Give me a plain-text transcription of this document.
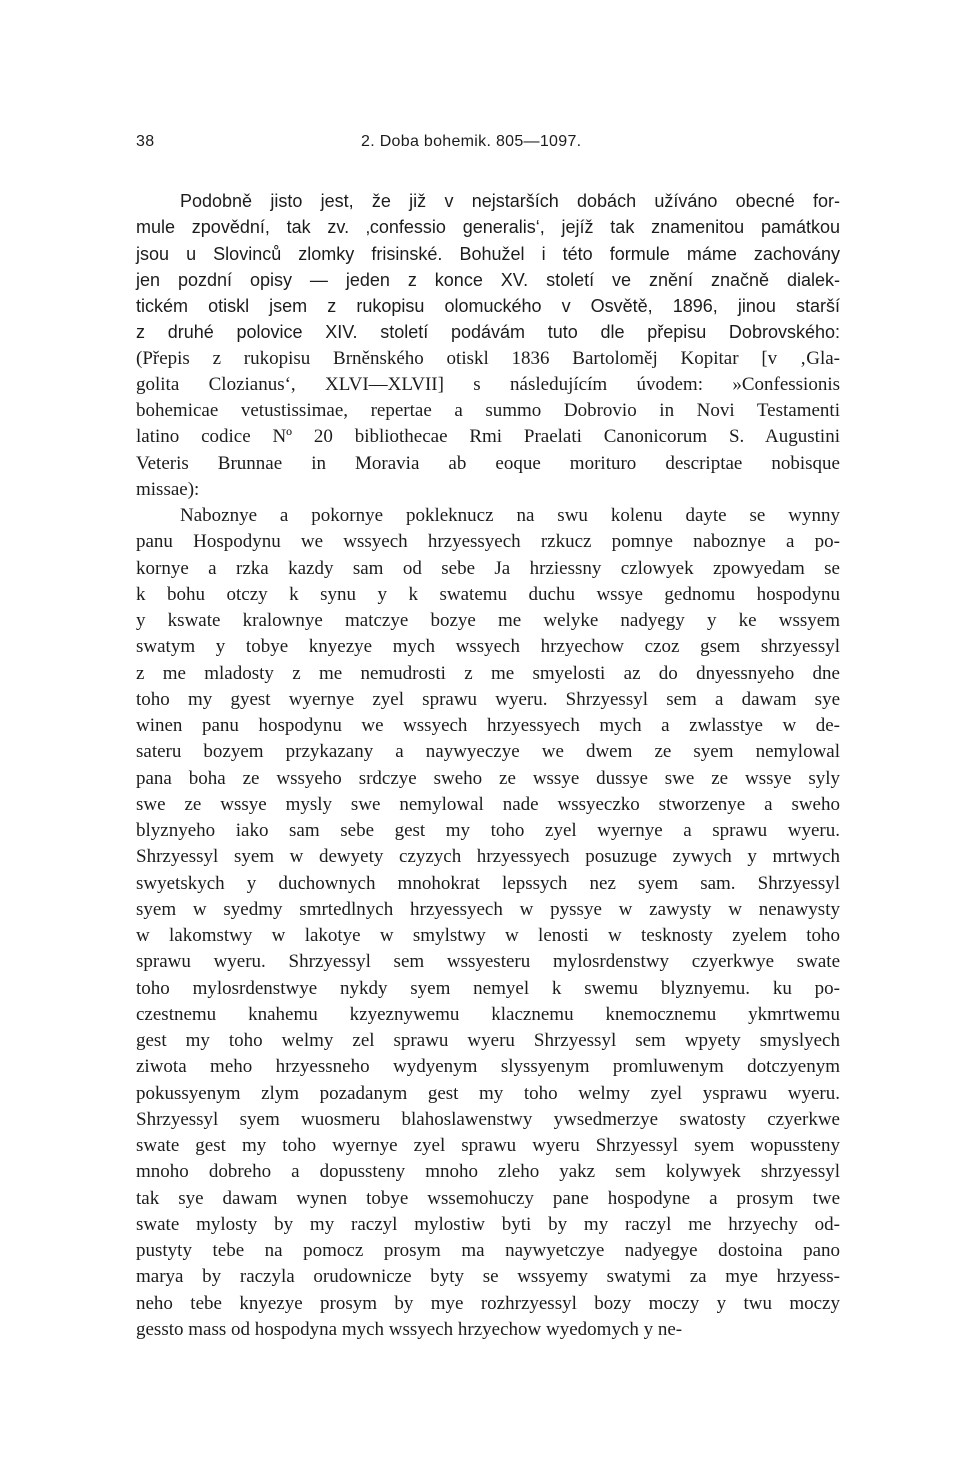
38	2. Doba bohemik. 805—1097.
Podobně jisto jest, že již v nejstarších dobách užíváno obecné for-
mule zpovědní, tak zv. ‚confessio generalis‘, jejíž tak znamenitou památkou
jsou u Slovinců zlomky frisinské. Bohužel i této formule máme zachovány
jen pozdní opisy — jeden z konce XV. století ve znění značně dialek-
tickém otiskl jsem z rukopisu olomuckého v Osvětě, 1896, jinou starší
z druhé polovice XIV. století podávám tuto dle přepisu Dobrovského:
(Přepis z rukopisu Brněnského otiskl 1836 Bartoloměj Kopitar [v ‚Gla-
golita Clozianus‘, XLVI—XLVII] s následujícím úvodem: »Confessionis
bohemicae vetustissimae, repertae a summo Dobrovio in Novi Testamenti
latino codice Nº 20 bibliothecae Rmi Praelati Canonicorum S. Augustini
Veteris Brunnae in Moravia ab eoque morituro descriptae nobisque
missae):
Naboznye a pokornye pokleknucz na swu kolenu dayte se wynny
panu Hospodynu we wssyech hrzyessyech rzkucz pomnye naboznye a po-
kornye a rzka kazdy sam od sebe Ja hrziessny czlowyek zpowyedam se
k bohu otczy k synu y k swatemu duchu wssye gednomu hospodynu
y kswate kralownye matczye bozye me welyke nadyegy y ke wssyem
swatym y tobye knyezye mych wssyech hrzyechow czoz gsem shrzyessyl
z me mladosty z me nemudrosti z me smyelosti az do dnyessnyeho dne
toho my gyest wyernye zyel sprawu wyeru. Shrzyessyl sem a dawam sye
winen panu hospodynu we wssyech hrzyessyech mych a zwlasstye w de-
sateru bozyem przykazany a naywyeczye we dwem ze syem nemylowal
pana boha ze wssyeho srdczye sweho ze wssye dussye swe ze wssye syly
swe ze wssye mysly swe nemylowal nade wssyeczko stworzenye a sweho
blyznyeho iako sam sebe gest my toho zyel wyernye a sprawu wyeru.
Shrzyessyl syem w dewyety czyzych hrzyessyech posuzuge zywych y mrtwych
swyetskych y duchownych mnohokrat lepssych nez syem sam. Shrzyessyl
syem w syedmy smrtedlnych hrzyessyech w pyssye w zawysty w nenawysty
w lakomstwy w lakotye w smylstwy w lenosti w tesknosty zyelem toho
sprawu wyeru. Shrzyessyl sem wssyesteru mylosrdenstwy czyerkwye swate
toho mylosrdenstwye nykdy syem nemyel k swemu blyznyemu. ku po-
czestnemu knahemu kzyeznywemu klacznemu knemocznemu ykmrtwemu
gest my toho welmy zel sprawu wyeru Shrzyessyl sem wpyety smyslyech
ziwota meho hrzyessneho wydyenym slyssyenym promluwenym dotczyenym
pokussyenym zlym pozadanym gest my toho welmy zyel ysprawu wyeru.
Shrzyessyl syem wuosmeru blahoslawenstwy ywsedmerzye swatosty czyerkwe
swate gest my toho wyernye zyel sprawu wyeru Shrzyessyl syem wopussteny
mnoho dobreho a dopussteny mnoho zleho yakz sem kolywyek shrzyessyl
tak sye dawam wynen tobye wssemohuczy pane hospodyne a prosym twe
swate mylosty by my raczyl mylostiw byti by my raczyl me hrzyechy od-
pustyty tebe na pomocz prosym ma naywyetczye nadyegye dostoina pano
marya by raczyla orudownicze byty se wssyemy swatymi za mye hrzyess-
neho tebe knyezye prosym by mye rozhrzyessyl bozy moczy y twu moczy
gessto mass od hospodyna mych wssyech hrzyechow wyedomych y ne-
